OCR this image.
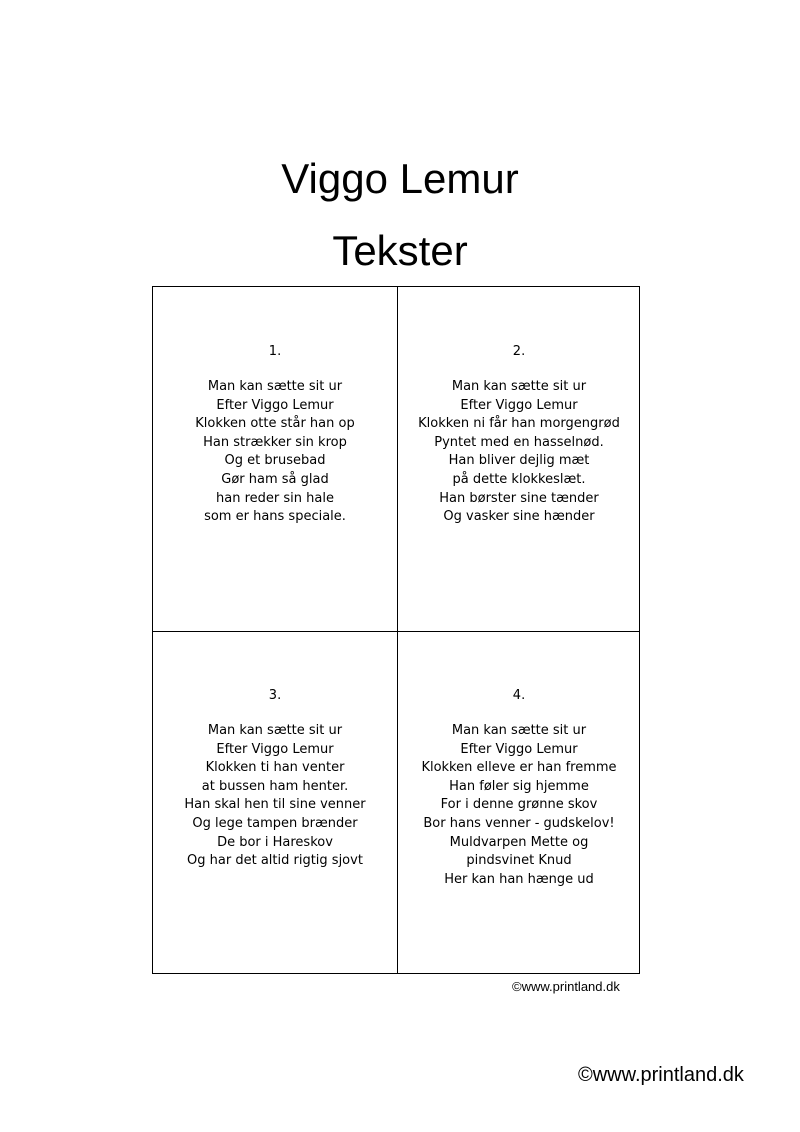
Viggo Lemur
Tekster
1.
Man kan sætte sit ur
Efter Viggo Lemur
Klokken otte står han op
Han strækker sin krop
Og et brusebad
Gør ham så glad
han reder sin hale
som er hans speciale.
2.
Man kan sætte sit ur
Efter Viggo Lemur
Klokken ni får han morgengrød
Pyntet med en hasselnød.
Han bliver dejlig mæt
på dette klokkeslæt.
Han børster sine tænder
Og vasker sine hænder
3.
Man kan sætte sit ur
Efter Viggo Lemur
Klokken ti han venter
at bussen ham henter.
Han skal hen til sine venner
Og lege tampen brænder
De bor i Hareskov
Og har det altid rigtig sjovt
4.
Man kan sætte sit ur
Efter Viggo Lemur
Klokken elleve er han fremme
Han føler sig hjemme
For i denne grønne skov
Bor hans venner - gudskelov!
Muldvarpen Mette og
pindsvinet Knud
Her kan han hænge ud
©www.printland.dk
©www.printland.dk
